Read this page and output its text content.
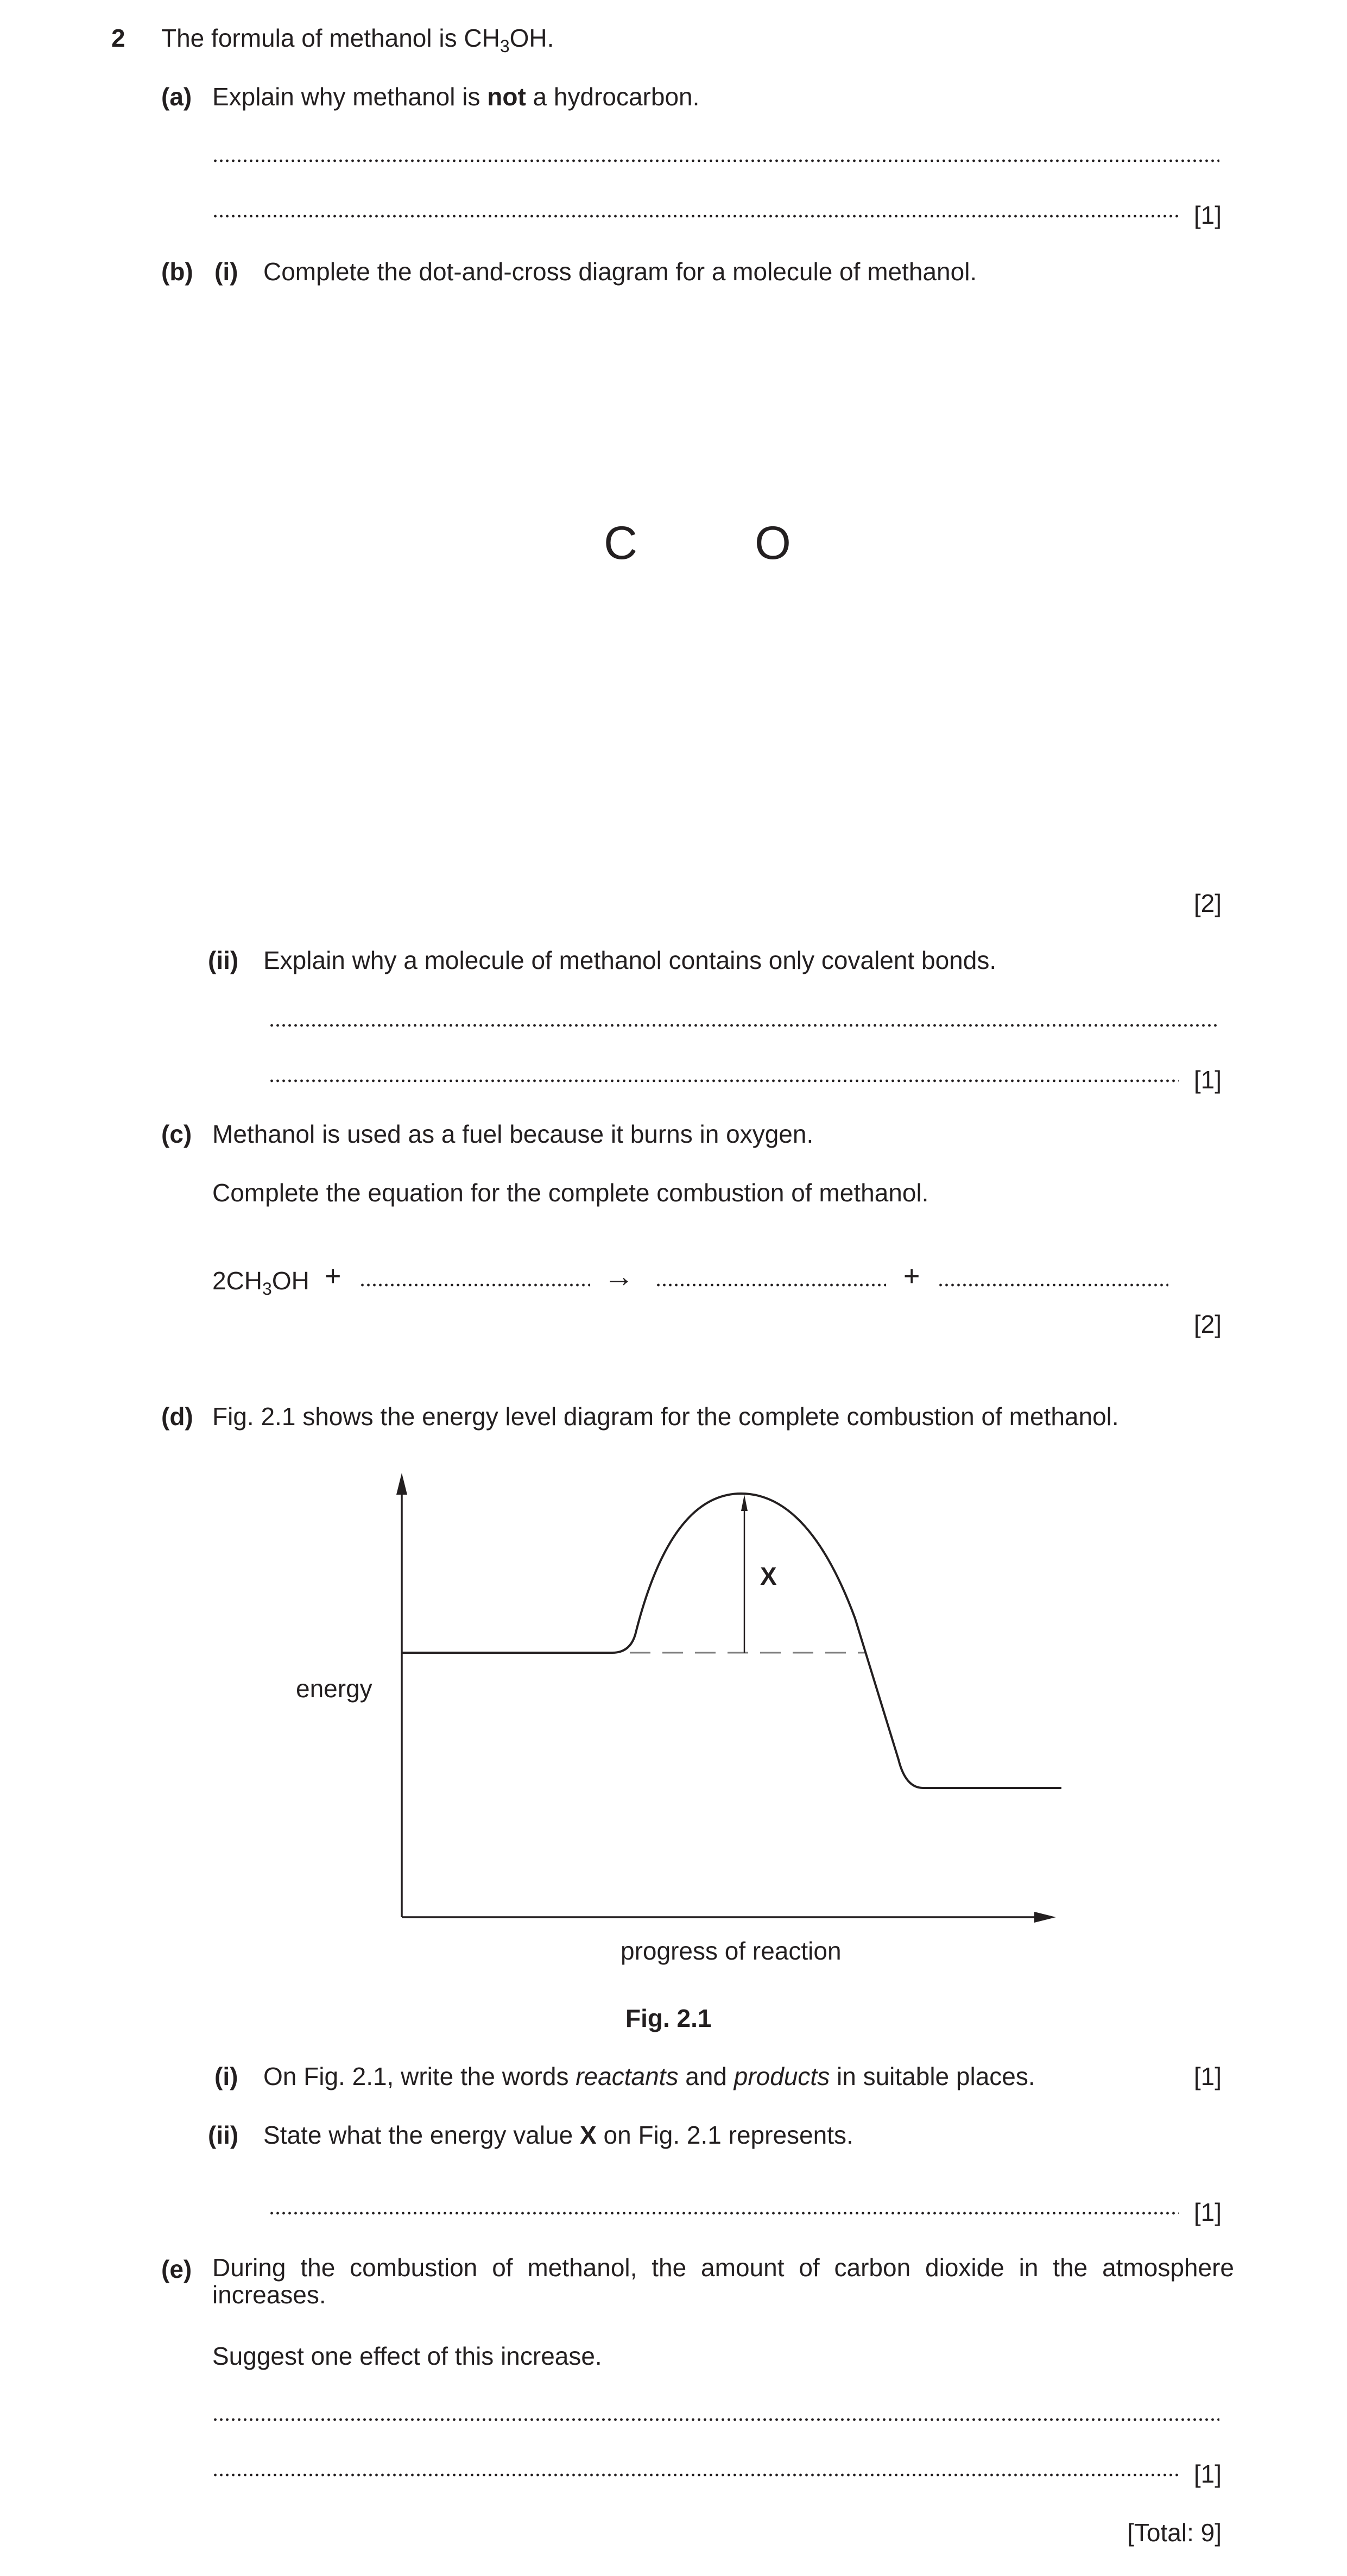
2 The formula of methanol is $CH_3OH$.
(a) Explain why methanol is not a hydrocarbon.
[1]
(b) (i) Complete the dot-and-cross diagram for a molecule of methanol.
C	O
[2]
(ii) Explain why a molecule of methanol contains only covalent bonds.
[1]
(c) Methanol is used as a fuel because it burns in oxygen.
Complete the equation for the complete combustion of methanol.
$2CH_3OH$ +	→	+
[2]
(d) Fig. 2.1 shows the energy level diagram for the complete combustion of methanol.
X
energy
progress of reaction
Fig. 2.1
(i) On Fig. 2.1, write the words reactants and products in suitable places.	[1]
(ii) State what the energy value X on Fig. 2.1 represents.
[1]
(e) During the combustion of methanol, the amount of carbon dioxide in the atmosphere increases.
Suggest one effect of this increase.
[1]
[Total: 9]
